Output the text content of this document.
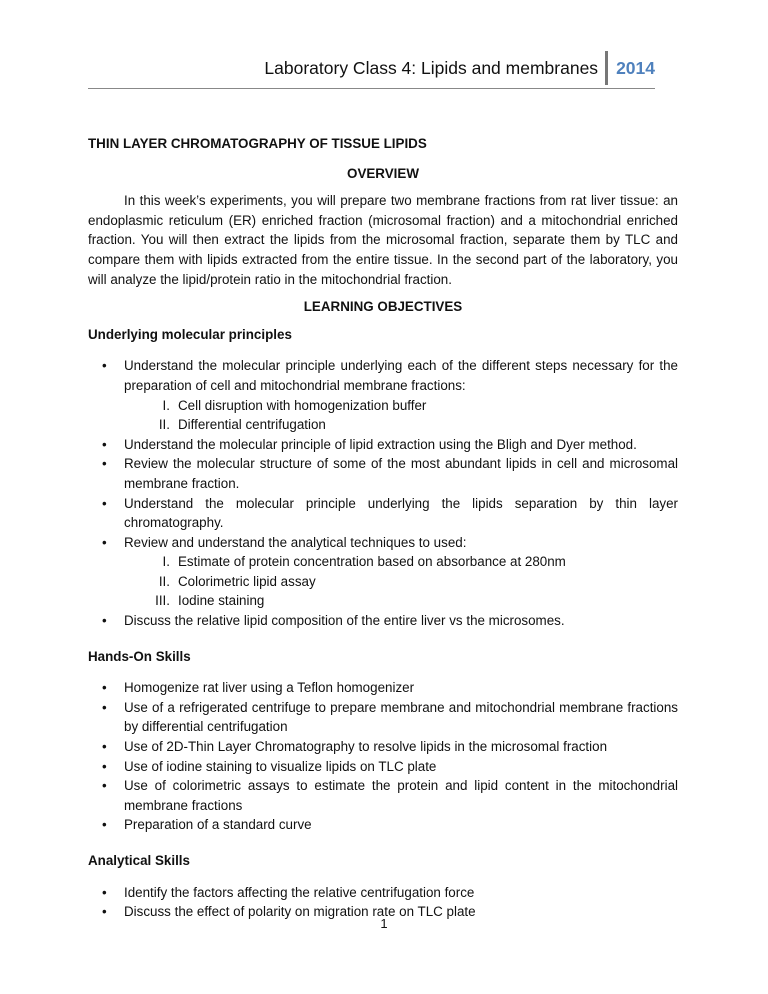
Laboratory Class 4: Lipids and membranes	2014
THIN LAYER CHROMATOGRAPHY OF TISSUE LIPIDS
OVERVIEW

In this week’s experiments, you will prepare two membrane fractions from rat liver tissue: an endoplasmic reticulum (ER) enriched fraction (microsomal fraction) and a mitochondrial enriched fraction. You will then extract the lipids from the microsomal fraction, separate them by TLC and compare them with lipids extracted from the entire tissue. In the second part of the laboratory, you will analyze the lipid/protein ratio in the mitochondrial fraction.

LEARNING OBJECTIVES
Underlying molecular principles
• Understand the molecular principle underlying each of the different steps necessary for the preparation of cell and mitochondrial membrane fractions:
I. Cell disruption with homogenization buffer
II. Differential centrifugation
• Understand the molecular principle of lipid extraction using the Bligh and Dyer method.
• Review the molecular structure of some of the most abundant lipids in cell and microsomal membrane fraction.
• Understand the molecular principle underlying the lipids separation by thin layer chromatography.
• Review and understand the analytical techniques to used:
I. Estimate of protein concentration based on absorbance at 280nm
II. Colorimetric lipid assay
III. Iodine staining
• Discuss the relative lipid composition of the entire liver vs the microsomes.
Hands-On Skills
• Homogenize rat liver using a Teflon homogenizer
• Use of a refrigerated centrifuge to prepare membrane and mitochondrial membrane fractions by differential centrifugation
• Use of 2D-Thin Layer Chromatography to resolve lipids in the microsomal fraction
• Use of iodine staining to visualize lipids on TLC plate
• Use of colorimetric assays to estimate the protein and lipid content in the mitochondrial membrane fractions
• Preparation of a standard curve
Analytical Skills
• Identify the factors affecting the relative centrifugation force
• Discuss the effect of polarity on migration rate on TLC plate
1
